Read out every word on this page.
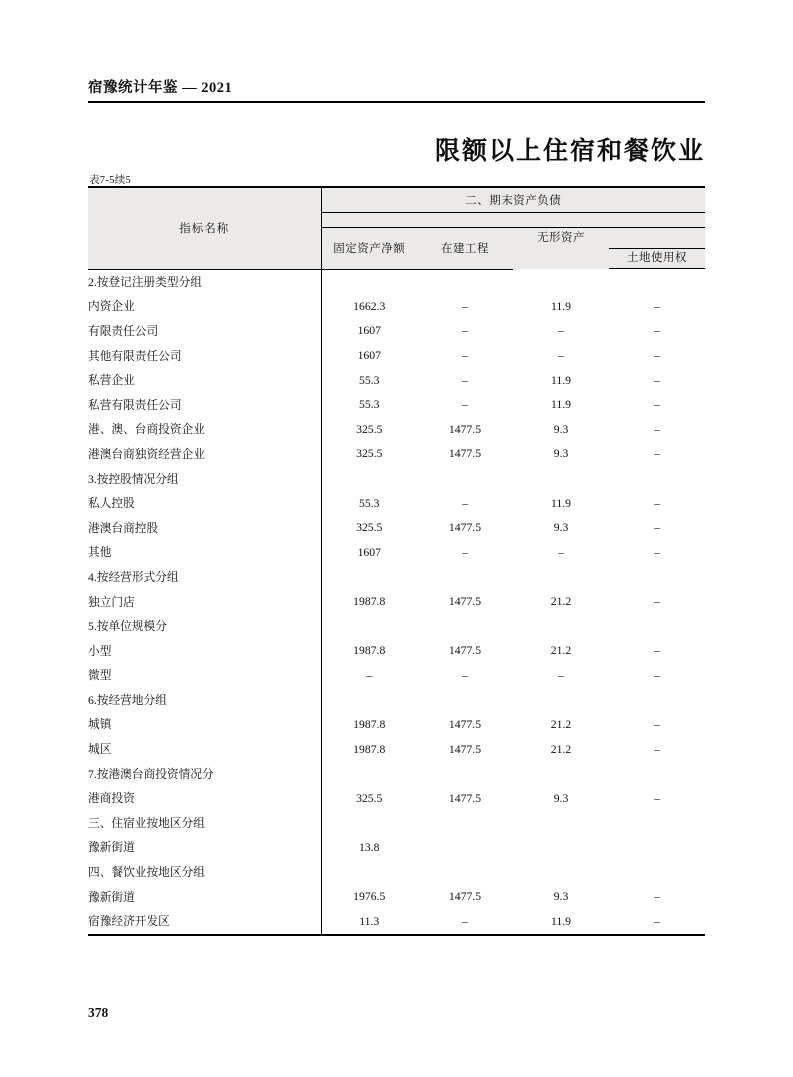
宿豫统计年鉴 — 2021
限额以上住宿和餐饮业
表7-5续5
指标名称	二、期末资产负债			

	固定资产净额	在建工程	无形资产	土地使用权

2.按登记注册类型分组				
内资企业	1662.3	–	11.9	–
有限责任公司	1607	–	–	–
其他有限责任公司	1607	–	–	–
私营企业	55.3	–	11.9	–
私营有限责任公司	55.3	–	11.9	–
港、澳、台商投资企业	325.5	1477.5	9.3	–
港澳台商独资经营企业	325.5	1477.5	9.3	–
3.按控股情况分组				
私人控股	55.3	–	11.9	–
港澳台商控股	325.5	1477.5	9.3	–
其他	1607	–	–	–
4.按经营形式分组				
独立门店	1987.8	1477.5	21.2	–
5.按单位规模分				
小型	1987.8	1477.5	21.2	–
微型	–	–	–	–
6.按经营地分组				
城镇	1987.8	1477.5	21.2	–
城区	1987.8	1477.5	21.2	–
7.按港澳台商投资情况分				
港商投资	325.5	1477.5	9.3	–
三、住宿业按地区分组				
豫新街道	13.8			
四、餐饮业按地区分组				
豫新街道	1976.5	1477.5	9.3	–
宿豫经济开发区	11.3	–	11.9	–
378
